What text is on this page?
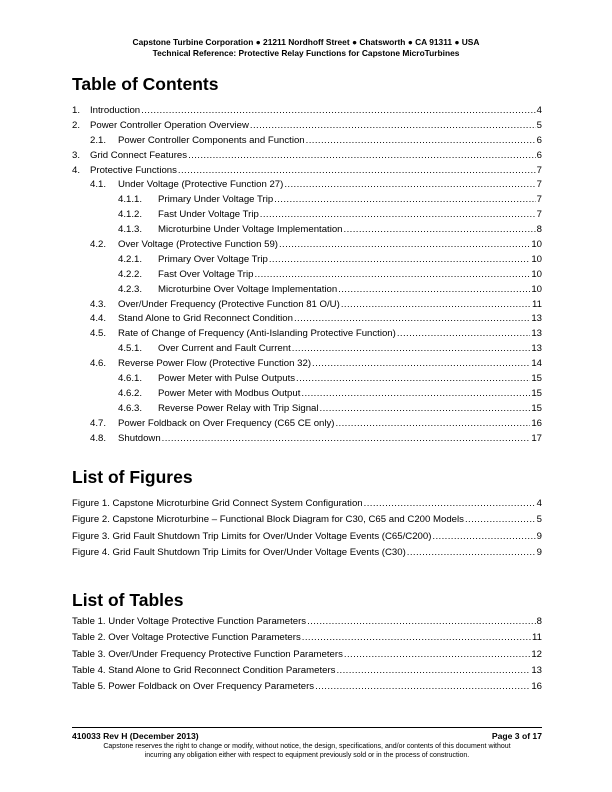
Capstone Turbine Corporation ● 21211 Nordhoff Street ● Chatsworth ● CA 91311 ● USA
Technical Reference: Protective Relay Functions for Capstone MicroTurbines
Table of Contents
1.	Introduction .....	4
2.	Power Controller Operation Overview .....	5
2.1.	Power Controller Components and Function .....	6
3.	Grid Connect Features .....	6
4.	Protective Functions .....	7
4.1.	Under Voltage (Protective Function 27) .....	7
4.1.1.	Primary Under Voltage Trip .....	7
4.1.2.	Fast Under Voltage Trip .....	7
4.1.3.	Microturbine Under Voltage Implementation .....	8
4.2.	Over Voltage (Protective Function 59) .....	10
4.2.1.	Primary Over Voltage Trip .....	10
4.2.2.	Fast Over Voltage Trip .....	10
4.2.3.	Microturbine Over Voltage Implementation .....	10
4.3.	Over/Under Frequency (Protective Function 81 O/U) .....	11
4.4.	Stand Alone to Grid Reconnect Condition .....	13
4.5.	Rate of Change of Frequency (Anti-Islanding Protective Function) .....	13
4.5.1.	Over Current and Fault Current .....	13
4.6.	Reverse Power Flow (Protective Function 32) .....	14
4.6.1.	Power Meter with Pulse Outputs .....	15
4.6.2.	Power Meter with Modbus Output .....	15
4.6.3.	Reverse Power Relay with Trip Signal .....	15
4.7.	Power Foldback on Over Frequency (C65 CE only) .....	16
4.8.	Shutdown .....	17
List of Figures
Figure 1. Capstone Microturbine Grid Connect System Configuration .....	4
Figure 2. Capstone Microturbine – Functional Block Diagram for C30, C65 and C200 Models .....	5
Figure 3. Grid Fault Shutdown Trip Limits for Over/Under Voltage Events (C65/C200) .....	9
Figure 4. Grid Fault Shutdown Trip Limits for Over/Under Voltage Events (C30) .....	9
List of Tables
Table 1. Under Voltage Protective Function Parameters .....	8
Table 2. Over Voltage Protective Function Parameters .....	11
Table 3. Over/Under Frequency Protective Function Parameters .....	12
Table 4. Stand Alone to Grid Reconnect Condition Parameters .....	13
Table 5. Power Foldback on Over Frequency Parameters .....	16
410033 Rev H (December 2013)	Page 3 of 17
Capstone reserves the right to change or modify, without notice, the design, specifications, and/or contents of this document without
incurring any obligation either with respect to equipment previously sold or in the process of construction.
